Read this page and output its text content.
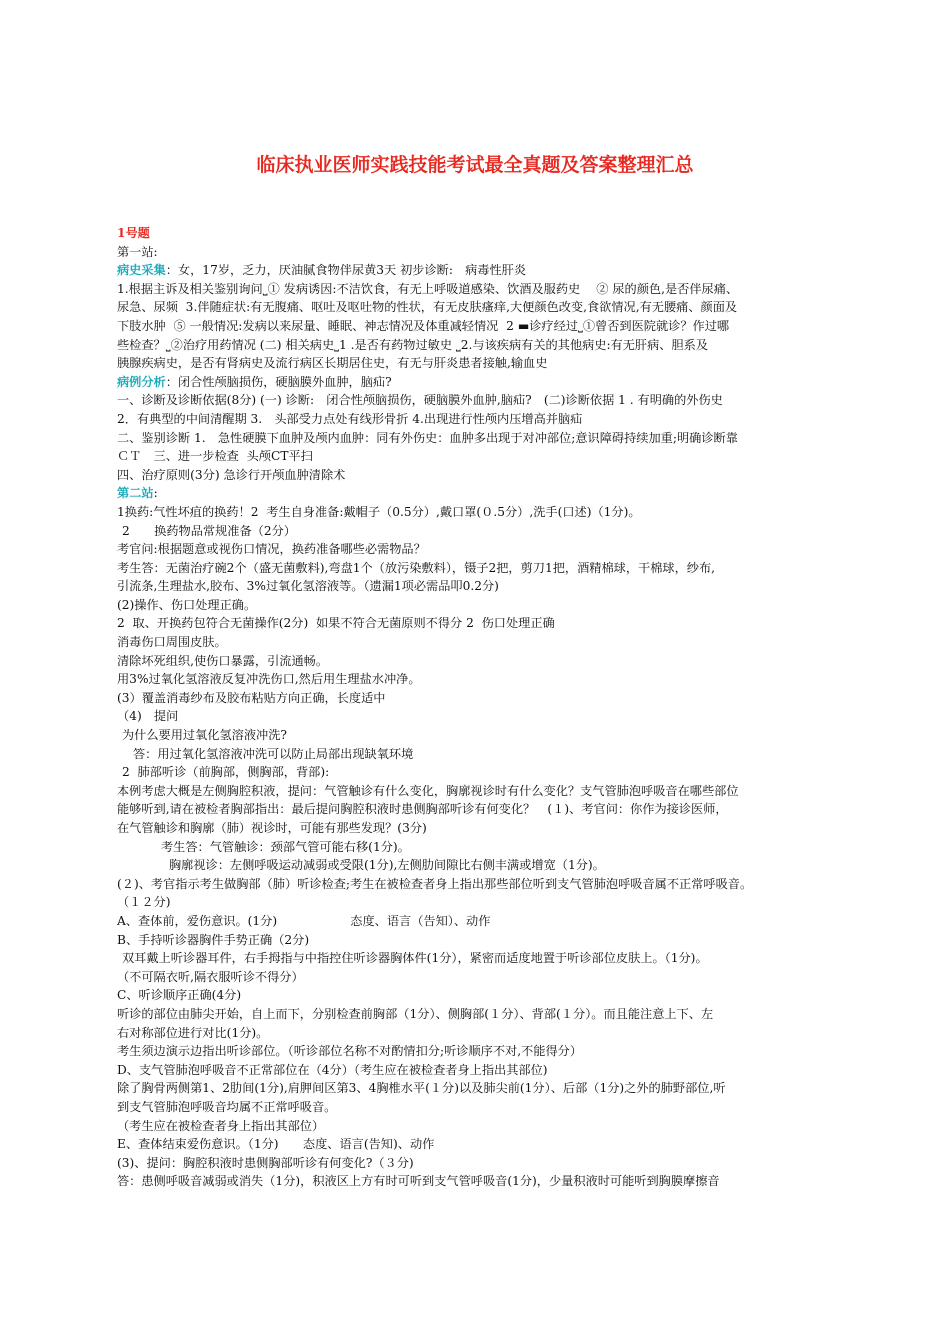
临床执业医师实践技能考试最全真题及答案整理汇总
1号题
第一站:
病史采集：女，17岁，乏力，厌油腻食物伴尿黄3天 初步诊断:　病毒性肝炎
1.根据主诉及相关鉴别询问⎵① 发病诱因:不洁饮食，有无上呼吸道感染、饮酒及服药史　 ② 尿的颜色,是否伴尿痛、
尿急、尿频  3.伴随症状:有无腹痛、呕吐及呕吐物的性状，有无皮肤瘙痒,大便颜色改变,食欲情况,有无腰痛、颜面及
下肢水肿  ⑤ 一般情况:发病以来尿量、睡眠、神志情况及体重减轻情况  2 ▬诊疗经过⎵①曾否到医院就诊？作过哪
些检查？⎵②治疗用药情况 (二) 相关病史⎵1 .是否有药物过敏史 ⎵2.与该疾病有关的其他病史:有无肝病、胆系及
胰腺疾病史，是否有肾病史及流行病区长期居住史，有无与肝炎患者接触,输血史
病例分析：闭合性颅脑损伤，硬脑膜外血肿，脑疝?
一、诊断及诊断依据(8分) (一) 诊断:　闭合性颅脑损伤，硬脑膜外血肿,脑疝?　(二)诊断依据 1 . 有明确的外伤史
2．有典型的中间清醒期 3.　头部受力点处有线形骨折 4.出现进行性颅内压增高并脑疝
二、鉴别诊断 1.　急性硬膜下血肿及颅内血肿：同有外伤史：血肿多出现于对冲部位;意识障碍持续加重;明确诊断靠
ＣＴ　三、进一步检查  头颅CT平扫
四、治疗原则(3分) 急诊行开颅血肿清除术
第二站:
1换药:气性坏疽的换药！2  考生自身准备:戴帽子（0.5分）,戴口罩(０.5分）,洗手(口述)（1分)。
2　　换药物品常规准备（2分）
考官问:根据题意或视伤口情况，换药准备哪些必需物品？
考生答：无菌治疗碗2个（盛无菌敷料),弯盘1个（放污染敷料），镊子2把，剪刀1把，酒精棉球，干棉球，纱布,
引流条,生理盐水,胶布、3%过氧化氢溶液等。（遗漏1项必需品叩0.2分)
(2)操作、伤口处理正确。
2  取、开换药包符合无菌操作(2分)  如果不符合无菌原则不得分 2  伤口处理正确
消毒伤口周围皮肤。
清除坏死组织,使伤口暴露，引流通畅。
用3%过氧化氢溶液反复冲洗伤口,然后用生理盐水冲净。
(3）覆盖消毒纱布及胶布粘贴方向正确，长度适中
（4)　提问
为什么要用过氧化氢溶液冲洗?
答：用过氧化氢溶液冲洗可以防止局部出现缺氧环境
2  肺部听诊（前胸部，侧胸部，背部):
本例考虑大概是左侧胸腔积液，提问：气管触诊有什么变化，胸廓视诊时有什么变化？支气管肺泡呼吸音在哪些部位
能够听到,请在被检者胸部指出：最后提问胸腔积液时患侧胸部听诊有何变化？　(１)、考官问：你作为接诊医师，
在气管触诊和胸廓（肺）视诊时，可能有那些发现？(3分)
考生答：气管触诊：颈部气管可能右移(1分)。
胸廓视诊：左侧呼吸运动减弱或受限(1分),左侧肋间隙比右侧丰满或增宽（1分)。
(２)、考官指示考生做胸部（肺）听诊检查;考生在被检查者身上指出那些部位听到支气管肺泡呼吸音属不正常呼吸音。
（１２分)
A、查体前，爱伤意识。(1分)　　　　　　态度、语言（告知）、动作
B、手持听诊器胸件手势正确（2分)
双耳戴上听诊器耳件，右手拇指与中指控住听诊器胸体件(1分），紧密而适度地置于听诊部位皮肤上。（1分)。
（不可隔衣听,隔衣服听诊不得分）
C、听诊顺序正确(4分)
听诊的部位由肺尖开始，自上而下，分别检查前胸部（1分）、侧胸部(１分）、背部(１分）。而且能注意上下、左
右对称部位进行对比(1分)。
考生须边演示边指出听诊部位。（听诊部位名称不对酌情扣分;听诊顺序不对,不能得分）
D、支气管肺泡呼吸音不正常部位在（4分）（考生应在被检查者身上指出其部位)
除了胸骨两侧第1、2肋间(1分),肩胛间区第3、4胸椎水平(１分)以及肺尖前(1分）、后部（1分)之外的肺野部位,听
到支气管肺泡呼吸音均属不正常呼吸音。
（考生应在被检查者身上指出其部位）
E、查体结束爱伤意识。（1分)　　态度、语言(告知)、动作
(3)、提问：胸腔积液时患侧胸部听诊有何变化?（３分)
答：患侧呼吸音减弱或消失（1分)，积液区上方有时可听到支气管呼吸音(1分)，少量积液时可能听到胸膜摩擦音
